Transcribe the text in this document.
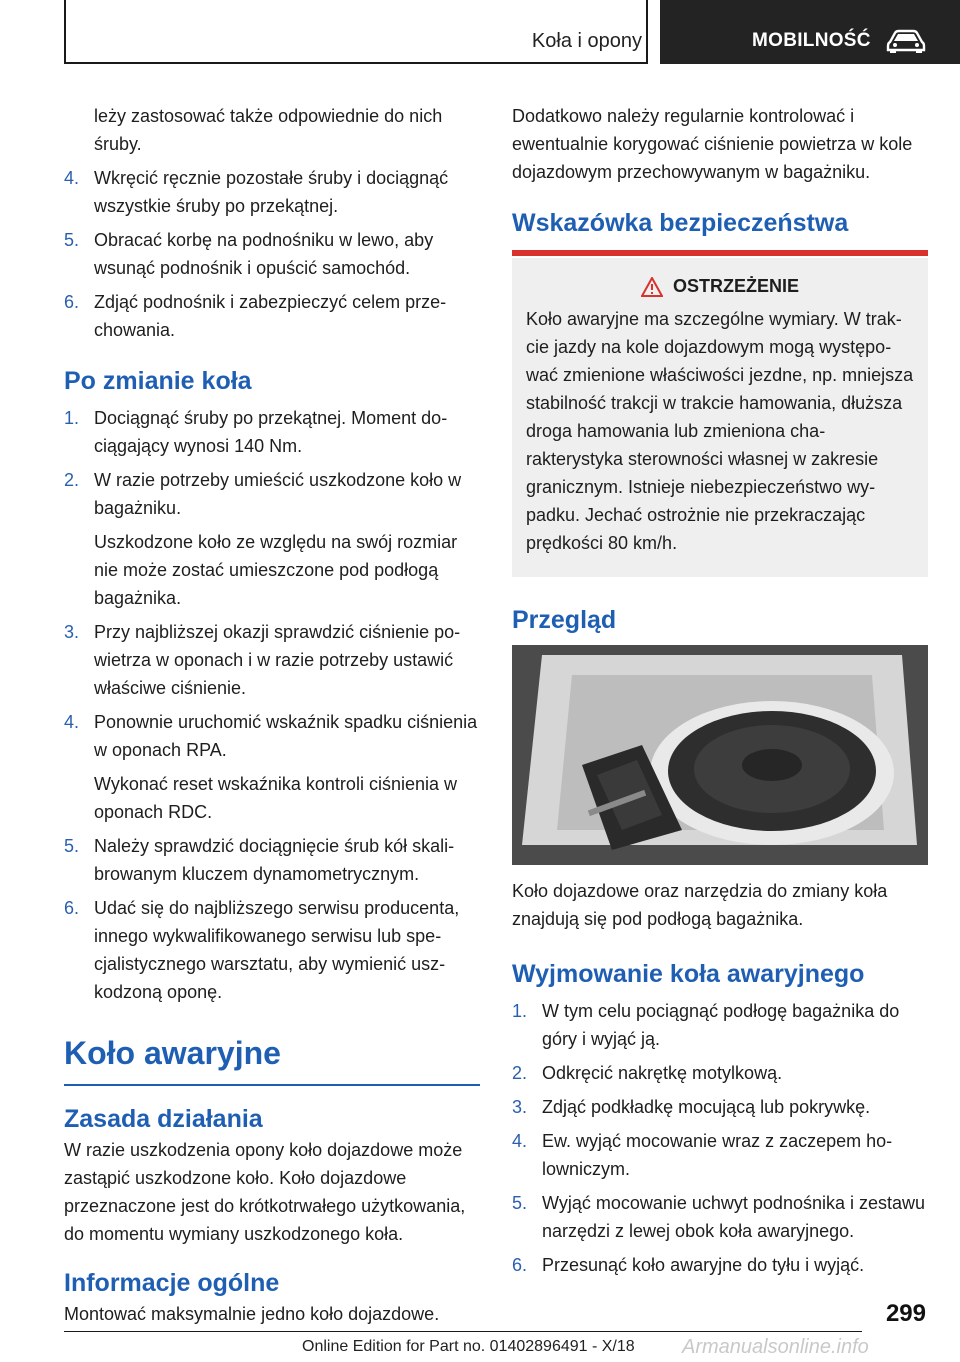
Koła i opony	MOBILNOŚĆ
leży zastosować także odpowiednie do nich śruby.
4. Wkręcić ręcznie pozostałe śruby i dociągnąć wszystkie śruby po przekątnej.
5. Obracać korbę na podnośniku w lewo, aby wsunąć podnośnik i opuścić samochód.
6. Zdjąć podnośnik i zabezpieczyć celem przechowania.
Po zmianie koła
1. Dociągnąć śruby po przekątnej. Moment dociągający wynosi 140 Nm.
2. W razie potrzeby umieścić uszkodzone koło w bagażniku.
Uszkodzone koło ze względu na swój rozmiar nie może zostać umieszczone pod podłogą bagażnika.
3. Przy najbliższej okazji sprawdzić ciśnienie powietrza w oponach i w razie potrzeby ustawić właściwe ciśnienie.
4. Ponownie uruchomić wskaźnik spadku ciśnienia w oponach RPA.
Wykonać reset wskaźnika kontroli ciśnienia w oponach RDC.
5. Należy sprawdzić dociągnięcie śrub kół skalibrowanym kluczem dynamometrycznym.
6. Udać się do najbliższego serwisu producenta, innego wykwalifikowanego serwisu lub specjalistycznego warsztatu, aby wymienić uszkodzoną oponę.
Koło awaryjne
Zasada działania

W razie uszkodzenia opony koło dojazdowe może zastąpić uszkodzone koło. Koło dojazdowe przeznaczone jest do krótkotrwałego użytkowania, do momentu wymiany uszkodzonego koła.

Informacje ogólne

Montować maksymalnie jedno koło dojazdowe.

Dodatkowo należy regularnie kontrolować i ewentualnie korygować ciśnienie powietrza w kole dojazdowym przechowywanym w bagażniku.

Wskazówka bezpieczeństwa
OSTRZEŻENIE
Koło awaryjne ma szczególne wymiary. W trakcie jazdy na kole dojazdowym mogą występować zmienione właściwości jezdne, np. mniejsza stabilność trakcji w trakcie hamowania, dłuższa droga hamowania lub zmieniona charakterystyka sterowności własnej w zakresie granicznym. Istnieje niebezpieczeństwo wypadku. Jechać ostrożnie nie przekraczając prędkości 80 km/h.
Przegląd

Koło dojazdowe oraz narzędzia do zmiany koła znajdują się pod podłogą bagażnika.

Wyjmowanie koła awaryjnego
1. W tym celu pociągnąć podłogę bagażnika do góry i wyjąć ją.
2. Odkręcić nakrętkę motylkową.
3. Zdjąć podkładkę mocującą lub pokrywkę.
4. Ew. wyjąć mocowanie wraz z zaczepem holowniczym.
5. Wyjąć mocowanie uchwyt podnośnika i zestawu narzędzi z lewej obok koła awaryjnego.
6. Przesunąć koło awaryjne do tyłu i wyjąć.
299
Online Edition for Part no. 01402896491 - X/18 Armanualsonline.info
